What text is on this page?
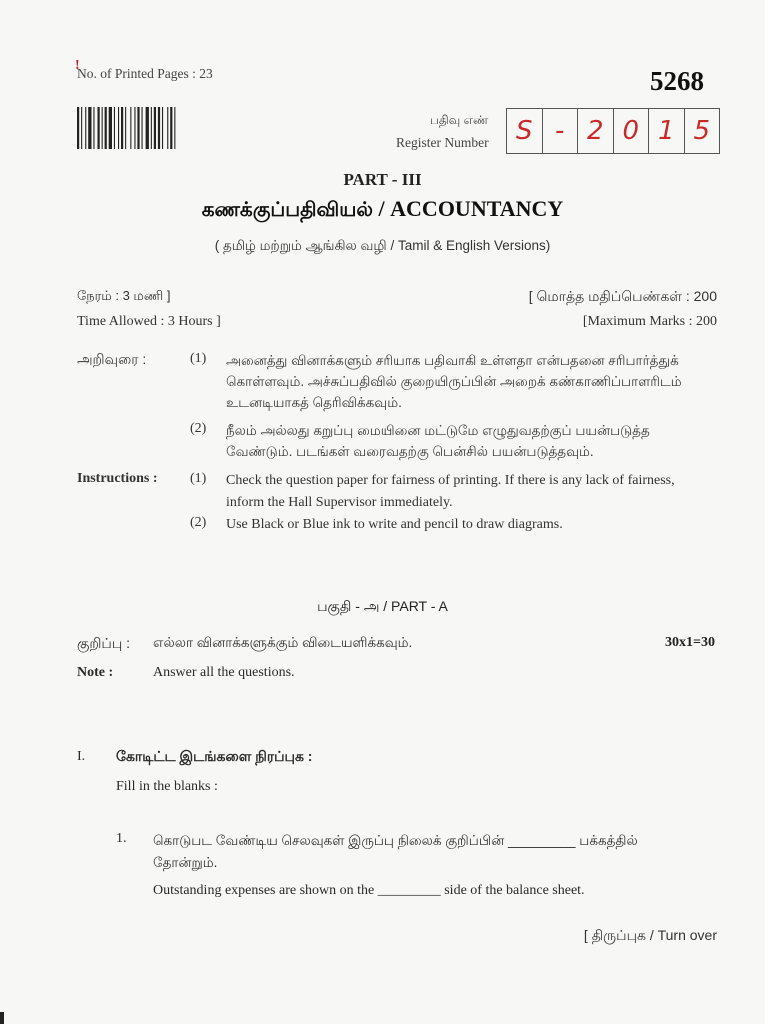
!
No. of Printed Pages : 23	5268
பதிவு எண்
Register Number	S - 2 0 1 5
PART - III
கணக்குப்பதிவியல் / ACCOUNTANCY
( தமிழ் மற்றும் ஆங்கில வழி / Tamil & English Versions)
நேரம் : 3 மணி ]
Time Allowed : 3 Hours ]
[ மொத்த மதிப்பெண்கள் : 200
[Maximum Marks : 200
அறிவுரை :	(1) அனைத்து வினாக்களும் சரியாக பதிவாகி உள்ளதா என்பதனை சரிபார்த்துக் கொள்ளவும். அச்சுப்பதிவில் குறையிருப்பின் அறைக் கண்காணிப்பாளரிடம் உடனடியாகத் தெரிவிக்கவும்.
(2) நீலம் அல்லது கறுப்பு மையினை மட்டுமே எழுதுவதற்குப் பயன்படுத்த வேண்டும். படங்கள் வரைவதற்கு பென்சில் பயன்படுத்தவும்.
Instructions : (1) Check the question paper for fairness of printing. If there is any lack of fairness, inform the Hall Supervisor immediately.
(2) Use Black or Blue ink to write and pencil to draw diagrams.
பகுதி - அ / PART - A
குறிப்பு : எல்லா வினாக்களுக்கும் விடையளிக்கவும்.	30x1=30
Note :	Answer all the questions.
I. கோடிட்ட இடங்களை நிரப்புக :
Fill in the blanks :
1. கொடுபட வேண்டிய செலவுகள் இருப்பு நிலைக் குறிப்பின் _________ பக்கத்தில் தோன்றும்.
Outstanding expenses are shown on the _________ side of the balance sheet.
[ திருப்புக / Turn over
